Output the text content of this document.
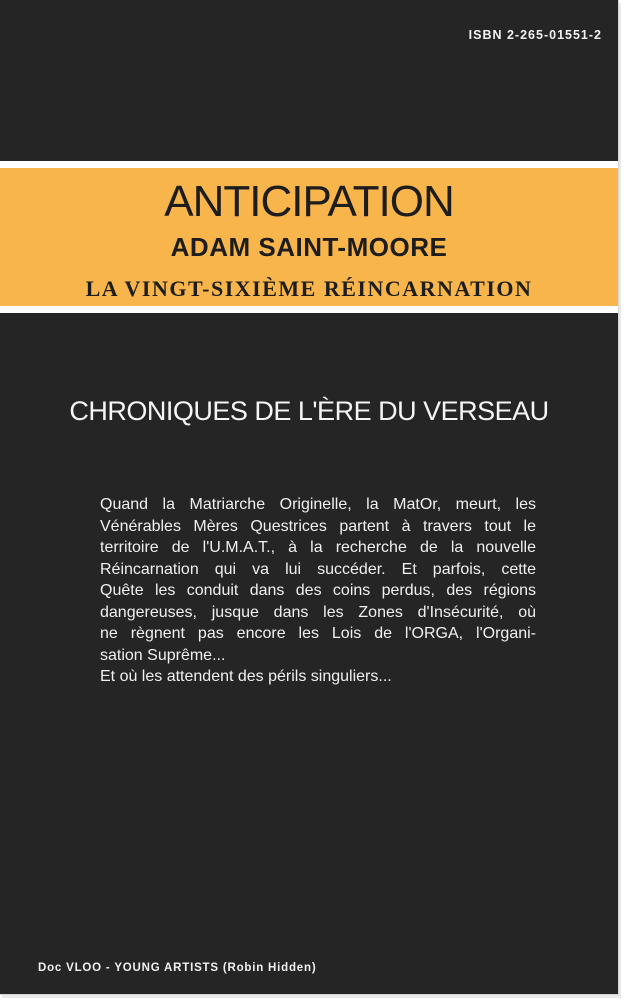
ISBN 2-265-01551-2
ANTICIPATION
ADAM SAINT-MOORE
LA VINGT-SIXIÈME RÉINCARNATION
CHRONIQUES DE L'ÈRE DU VERSEAU
Quand la Matriarche Originelle, la MatOr, meurt, les
Vénérables Mères Questrices partent à travers tout le
territoire de l'U.M.A.T., à la recherche de la nouvelle
Réincarnation qui va lui succéder. Et parfois, cette
Quête les conduit dans des coins perdus, des régions
dangereuses, jusque dans les Zones d'Insécurité, où
ne règnent pas encore les Lois de l'ORGA, l'Organi-
sation Suprême...
Et où les attendent des périls singuliers...
Doc VLOO - YOUNG ARTISTS (Robin Hidden)
